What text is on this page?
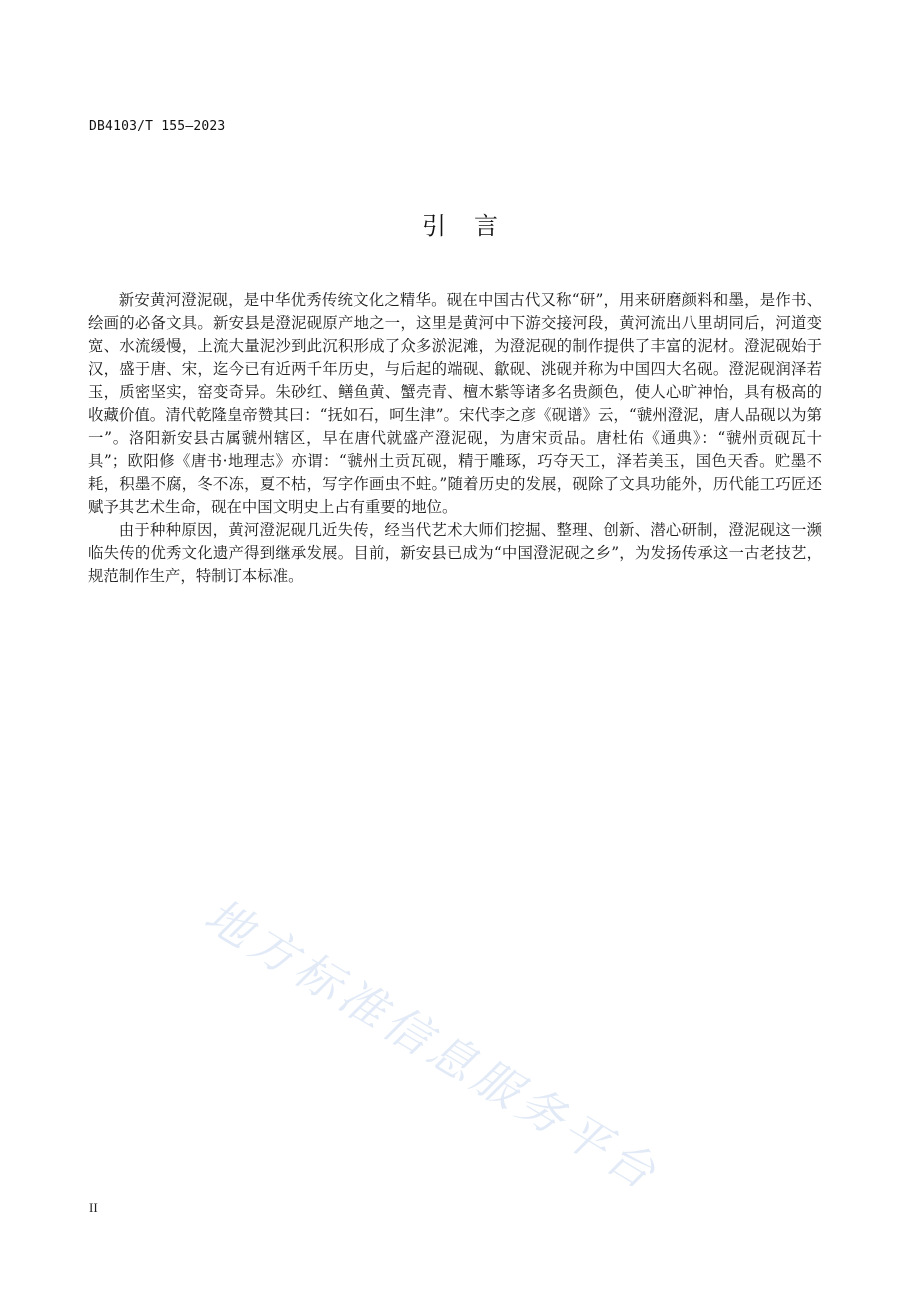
DB4103/T 155—2023
引言

新安黄河澄泥砚，是中华优秀传统文化之精华。砚在中国古代又称“研”，用来研磨颜料和墨，是作书、绘画的必备文具。新安县是澄泥砚原产地之一，这里是黄河中下游交接河段，黄河流出八里胡同后，河道变宽、水流缓慢，上流大量泥沙到此沉积形成了众多淤泥滩，为澄泥砚的制作提供了丰富的泥材。澄泥砚始于汉，盛于唐、宋，迄今已有近两千年历史，与后起的端砚、歙砚、洮砚并称为中国四大名砚。澄泥砚润泽若玉，质密坚实，窑变奇异。朱砂红、鳝鱼黄、蟹壳青、檀木紫等诸多名贵颜色，使人心旷神怡，具有极高的收藏价值。清代乾隆皇帝赞其曰：“抚如石，呵生津”。宋代李之彦《砚谱》云，“虢州澄泥，唐人品砚以为第一”。洛阳新安县古属虢州辖区，早在唐代就盛产澄泥砚，为唐宋贡品。唐杜佑《通典》：“虢州贡砚瓦十具”；欧阳修《唐书·地理志》亦谓：“虢州土贡瓦砚，精于雕琢，巧夺天工，泽若美玉，国色天香。贮墨不耗，积墨不腐，冬不冻，夏不枯，写字作画虫不蛀。”随着历史的发展，砚除了文具功能外，历代能工巧匠还赋予其艺术生命，砚在中国文明史上占有重要的地位。

由于种种原因，黄河澄泥砚几近失传，经当代艺术大师们挖掘、整理、创新、潜心研制，澄泥砚这一濒临失传的优秀文化遗产得到继承发展。目前，新安县已成为“中国澄泥砚之乡”，为发扬传承这一古老技艺，规范制作生产，特制订本标准。

地方标准信息服务平台
II
